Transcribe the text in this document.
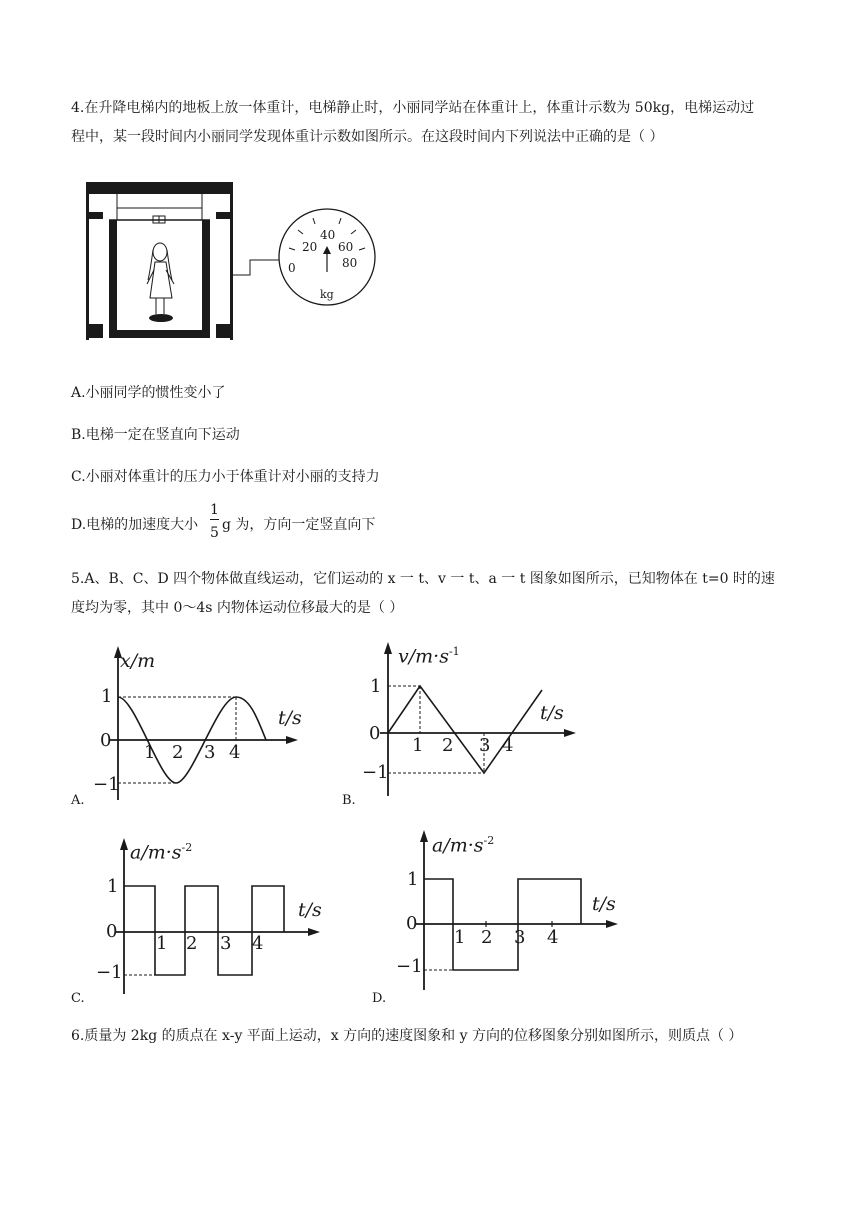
4.在升降电梯内的地板上放一体重计，电梯静止时，小丽同学站在体重计上，体重计示数为 50kg，电梯运动过
程中，某一段时间内小丽同学发现体重计示数如图所示。在这段时间内下列说法中正确的是（ ）
0
20
40
60
80
kg
A.小丽同学的惯性变小了
B.电梯一定在竖直向下运动
C.小丽对体重计的压力小于体重计对小丽的支持力
D.电梯的加速度大小
1
5 g 为，方向一定竖直向下
5.A、B、C、D 四个物体做直线运动，它们运动的 x 一 t、v 一 t、a 一 t 图象如图所示，已知物体在 t=0 时的速
度均为零，其中 0～4s 内物体运动位移最大的是（ ）
x/m
t/s
1
0
−1
1 2 3 4
A.
$v/m\cdot s^{-1}$
t/s
1
0
−1
1 2 3 4
B.
$a/m\cdot s^{-2}$
t/s
1
0
−1
1 2 3 4
C.
$a/m\cdot s^{-2}$
t/s
1
0
−1
1 2 3 4
D.
6.质量为 2kg 的质点在 x-y 平面上运动，x 方向的速度图象和 y 方向的位移图象分别如图所示，则质点（ ）
